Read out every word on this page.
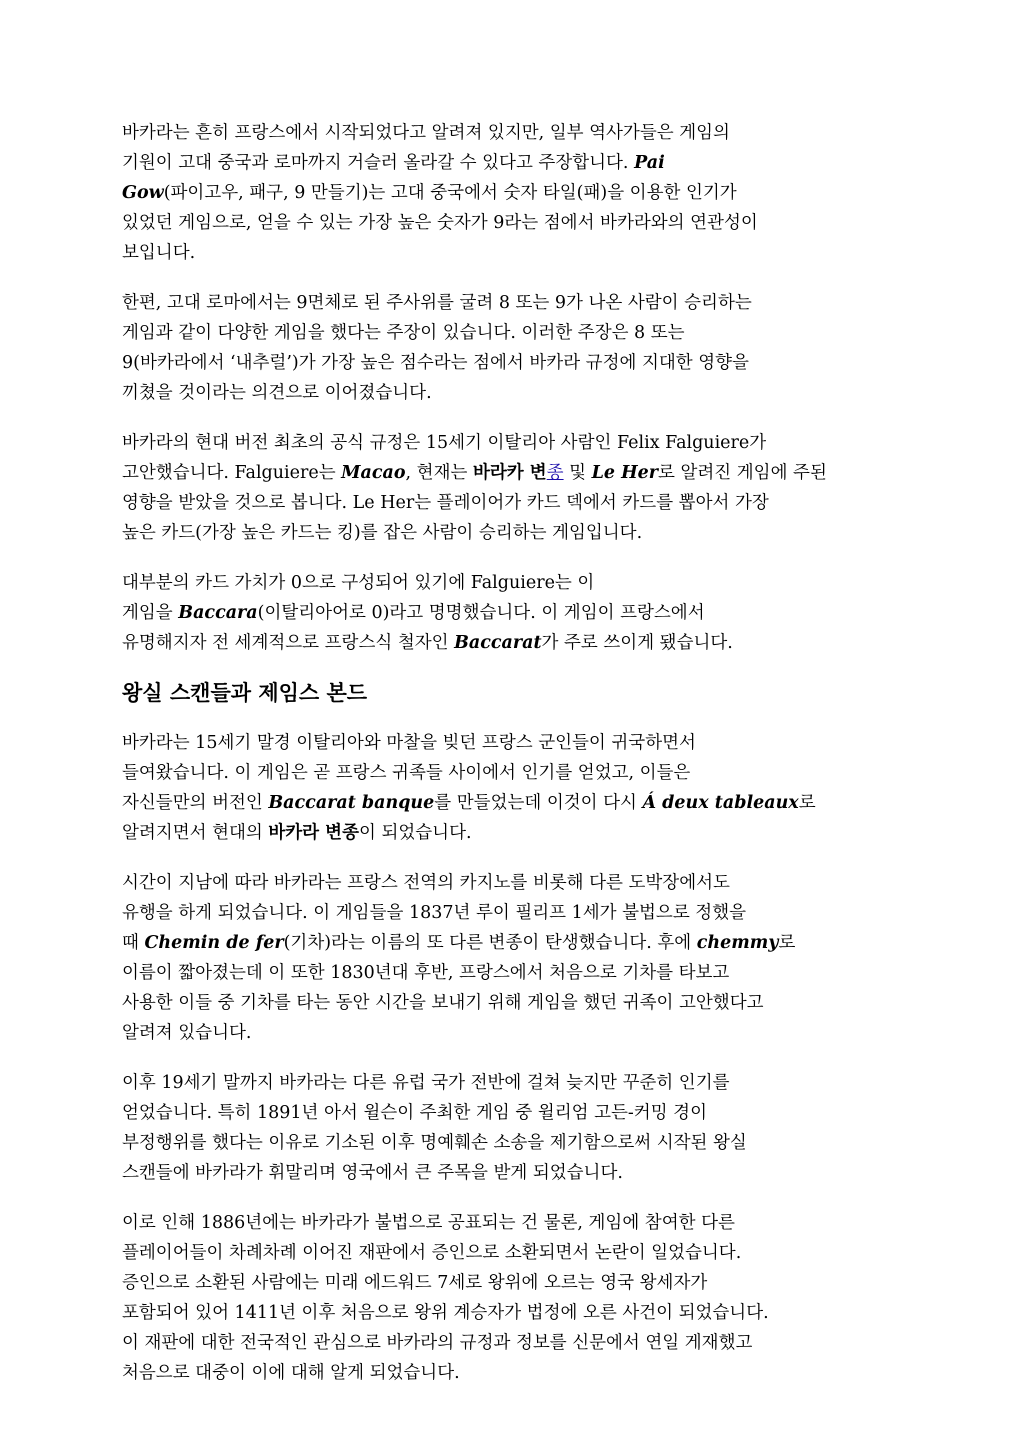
바카라는 흔히 프랑스에서 시작되었다고 알려져 있지만, 일부 역사가들은 게임의
기원이 고대 중국과 로마까지 거슬러 올라갈 수 있다고 주장합니다. Pai
Gow(파이고우, 패구, 9 만들기)는 고대 중국에서 숫자 타일(패)을 이용한 인기가
있었던 게임으로, 얻을 수 있는 가장 높은 숫자가 9라는 점에서 바카라와의 연관성이
보입니다.

한편, 고대 로마에서는 9면체로 된 주사위를 굴려 8 또는 9가 나온 사람이 승리하는
게임과 같이 다양한 게임을 했다는 주장이 있습니다. 이러한 주장은 8 또는
9(바카라에서 ‘내추럴’)가 가장 높은 점수라는 점에서 바카라 규정에 지대한 영향을
끼쳤을 것이라는 의견으로 이어졌습니다.

바카라의 현대 버전 최초의 공식 규정은 15세기 이탈리아 사람인 Felix Falguiere가
고안했습니다. Falguiere는 Macao, 현재는 바라카 변종 및 Le Her로 알려진 게임에 주된
영향을 받았을 것으로 봅니다. Le Her는 플레이어가 카드 덱에서 카드를 뽑아서 가장
높은 카드(가장 높은 카드는 킹)를 잡은 사람이 승리하는 게임입니다.

대부분의 카드 가치가 0으로 구성되어 있기에 Falguiere는 이
게임을 Baccara(이탈리아어로 0)라고 명명했습니다. 이 게임이 프랑스에서
유명해지자 전 세계적으로 프랑스식 철자인 Baccarat가 주로 쓰이게 됐습니다.

왕실 스캔들과 제임스 본드

바카라는 15세기 말경 이탈리아와 마찰을 빚던 프랑스 군인들이 귀국하면서
들여왔습니다. 이 게임은 곧 프랑스 귀족들 사이에서 인기를 얻었고, 이들은
자신들만의 버전인 Baccarat banque를 만들었는데 이것이 다시 Á deux tableaux로
알려지면서 현대의 바카라 변종이 되었습니다.

시간이 지남에 따라 바카라는 프랑스 전역의 카지노를 비롯해 다른 도박장에서도
유행을 하게 되었습니다. 이 게임들을 1837년 루이 필리프 1세가 불법으로 정했을
때 Chemin de fer(기차)라는 이름의 또 다른 변종이 탄생했습니다. 후에 chemmy로
이름이 짧아졌는데 이 또한 1830년대 후반, 프랑스에서 처음으로 기차를 타보고
사용한 이들 중 기차를 타는 동안 시간을 보내기 위해 게임을 했던 귀족이 고안했다고
알려져 있습니다.

이후 19세기 말까지 바카라는 다른 유럽 국가 전반에 걸쳐 늦지만 꾸준히 인기를
얻었습니다. 특히 1891년 아서 윌슨이 주최한 게임 중 윌리엄 고든-커밍 경이
부정행위를 했다는 이유로 기소된 이후 명예훼손 소송을 제기함으로써 시작된 왕실
스캔들에 바카라가 휘말리며 영국에서 큰 주목을 받게 되었습니다.

이로 인해 1886년에는 바카라가 불법으로 공표되는 건 물론, 게임에 참여한 다른
플레이어들이 차례차례 이어진 재판에서 증인으로 소환되면서 논란이 일었습니다.
증인으로 소환된 사람에는 미래 에드워드 7세로 왕위에 오르는 영국 왕세자가
포함되어 있어 1411년 이후 처음으로 왕위 계승자가 법정에 오른 사건이 되었습니다.
이 재판에 대한 전국적인 관심으로 바카라의 규정과 정보를 신문에서 연일 게재했고
처음으로 대중이 이에 대해 알게 되었습니다.
